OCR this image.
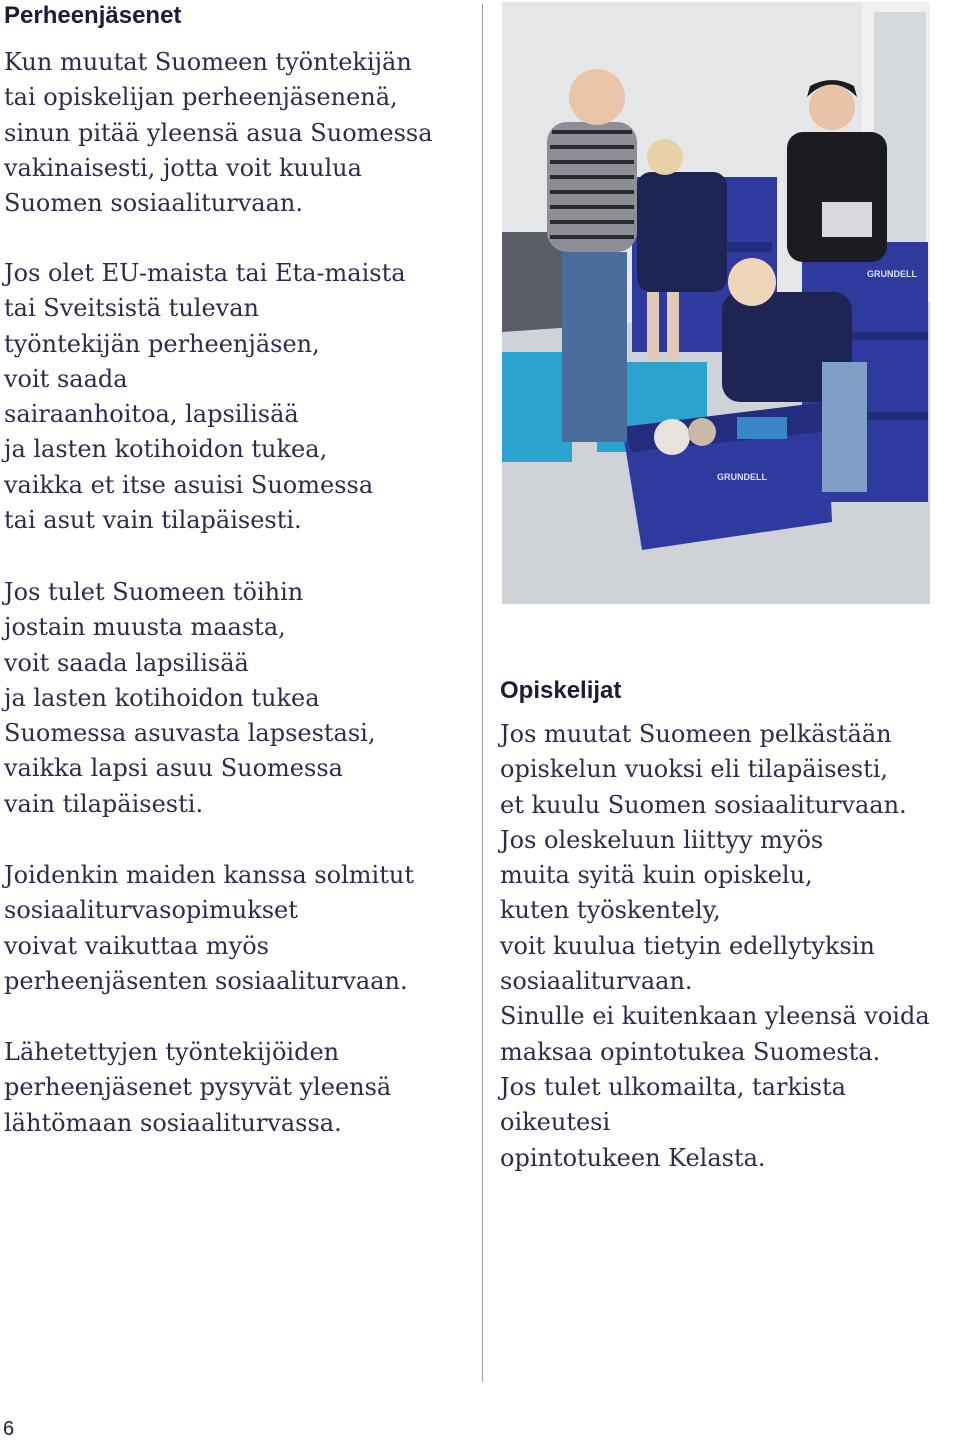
Perheenjäsenet

Kun muutat Suomeen työntekijän
tai opiskelijan perheenjäsenenä,
sinun pitää yleensä asua Suomessa
vakinaisesti, jotta voit kuulua
Suomen sosiaaliturvaan.

Jos olet EU-maista tai Eta-maista
tai Sveitsistä tulevan
työntekijän perheenjäsen,
voit saada
sairaanhoitoa, lapsilisää
ja lasten kotihoidon tukea,
vaikka et itse asuisi Suomessa
tai asut vain tilapäisesti.

Jos tulet Suomeen töihin
jostain muusta maasta,
voit saada lapsilisää
ja lasten kotihoidon tukea
Suomessa asuvasta lapsestasi,
vaikka lapsi asuu Suomessa
vain tilapäisesti.

Joidenkin maiden kanssa solmitut
sosiaaliturvasopimukset
voivat vaikuttaa myös
perheenjäsenten sosiaaliturvaan.

Lähetettyjen työntekijöiden
perheenjäsenet pysyvät yleensä
lähtömaan sosiaaliturvassa.

GRUNDELL
GRUNDELL
Opiskelijat

Jos muutat Suomeen pelkästään
opiskelun vuoksi eli tilapäisesti,
et kuulu Suomen sosiaaliturvaan.
Jos oleskeluun liittyy myös
muita syitä kuin opiskelu,
kuten työskentely,
voit kuulua tietyin edellytyksin
sosiaaliturvaan.
Sinulle ei kuitenkaan yleensä voida
maksaa opintotukea Suomesta.
Jos tulet ulkomailta, tarkista oikeutesi
opintotukeen Kelasta.

6
